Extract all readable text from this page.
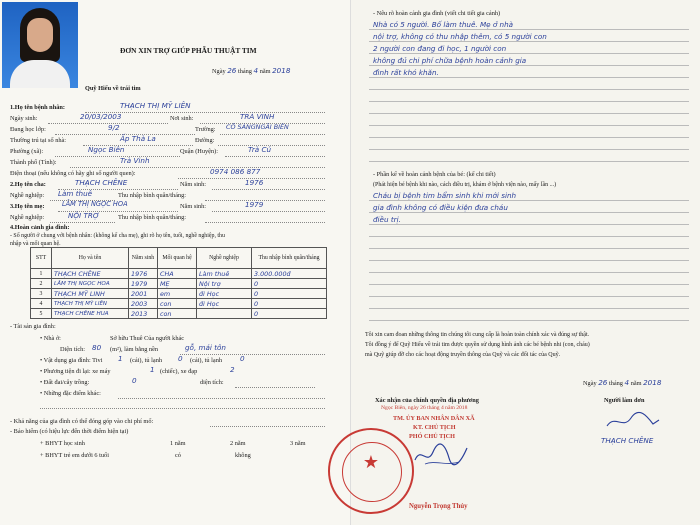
ĐƠN XIN TRỢ GIÚP PHẪU THUẬT TIM
Ngày 26 tháng 4 năm 2018
Quỹ Hiểu về trái tim
1.Họ tên bệnh nhân:	THẠCH THỊ MỸ LIÊN
Ngày sinh:	20/03/2003	Nơi sinh:	TRÀ VINH
Đang học lớp:	9/2	Trường: CÔ SÀNGNGÃI BIÊN
Thường trú tại số nhà:	Ấp Thà La	Đường:
Phường (xã):	Ngọc Biên	Quận (Huyện):	Trà Cú
Thành phố (Tỉnh):	Trà Vinh
Điện thoại (nếu không có hãy ghi số người quen):	0974 086 877
2.Họ tên cha:	THẠCH CHÊNE	Năm sinh:	1976
Nghề nghiệp: Làm thuê	Thu nhập bình quân/tháng:
3.Họ tên mẹ:	LÂM THỊ NGỌC HOA	Năm sinh:	1979
Nghề nghiệp:	NỘI TRỢ	Thu nhập bình quân/tháng:
4.Hoàn cảnh gia đình:
- Số người ở chung với bệnh nhân: (không kể cha mẹ), ghi rõ họ tên, tuổi, nghề nghiệp, thu
nhập và mối quan hệ.
STT	Họ và tên	Năm sinh	Mối quan hệ	Nghề nghiệp	Thu nhập bình quân/tháng
1	THẠCH CHÊNE	1976	CHA	Làm thuê	3.000.000đ
2	LÂM THỊ NGỌC HOA	1979	MẸ	Nội trợ	0
3	THẠCH MỸ LINH	2001	em	đi Học	0
4	THẠCH THỊ MỸ LIÊN	2003	con	đi Học	0
5	THẠCH CHÊNE HUA	2013	con		0
- Tài sản gia đình:
• Nhà ở:	Sở hữu Thuê Của người khác
Diện tích: 80 (m²), làm bằng nền	gỗ, mái tôn
• Vật dụng gia đình: Tivi 1 (cái), tủ lạnh 0 (cái), tủ lạnh	0
• Phương tiện đi lại: xe máy	1 (chiếc), xe đạp	2
• Đất đai/cây trồng:	0	diện tích:
• Những đặc điểm khác:
- Khả năng của gia đình có thể đóng góp vào chi phí mổ:
- Bảo hiểm (có hiệu lực đến thời điểm hiện tại)
+ BHYT học sinh	1 năm	2 năm	3 năm
+ BHYT trẻ em dưới 6 tuổi	có	không
- Nêu rõ hoàn cảnh gia đình (viết chi tiết gia cảnh)
Nhà có 5 người. Bố làm thuê. Mẹ ở nhà
nội trợ, không có thu nhập thêm, có 5 người con
2 người con đang đi học, 1 người con
không đủ chi phí chữa bệnh hoàn cảnh gia
đình rất khó khăn.
- Phần kể về hoàn cảnh bệnh của bé: (kể chi tiết)
(Phát hiện bé bệnh khi nào, cách điều trị, khám ở bệnh viện nào, mấy lần ...)
Cháu bị bệnh tim bẩm sinh khi mới sinh
gia đình không có điều kiện đưa cháu
điều trị.
Tôi xin cam đoan những thông tin chúng tôi cung cấp là hoàn toàn chính xác và đúng sự thật.
Tôi đồng ý để Quỹ Hiểu về trái tim được quyền sử dụng hình ảnh các bé bệnh nhi (con, cháu)
mà Quỹ giúp đỡ cho các hoạt động truyền thông của Quỹ và các đối tác của Quỹ.
Ngày 26 tháng 4 năm 2018
Xác nhận của chính quyền địa phương	Người làm đơn
Ngọc Biên, ngày 26 tháng 4 năm 2018
TM. ỦY BAN NHÂN DÂN XÃ
KT. CHỦ TỊCH
PHÓ CHỦ TỊCH
Nguyễn Trọng Thủy
THẠCH CHÊNE
★
